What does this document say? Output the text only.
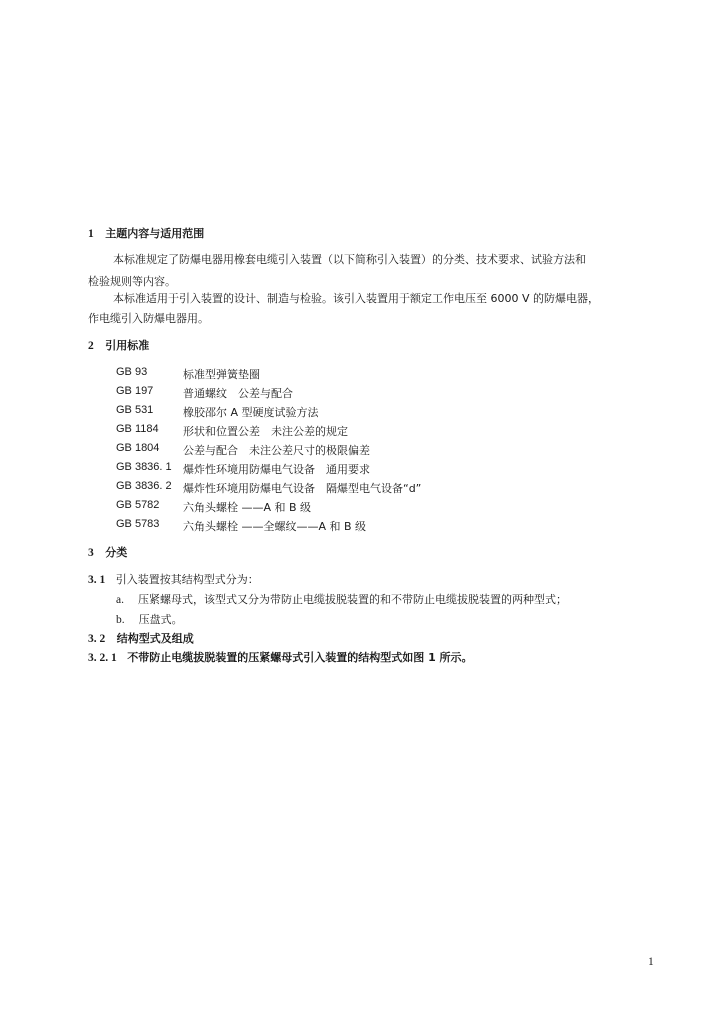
1 主题内容与适用范围
本标准规定了防爆电器用橡套电缆引入装置（以下简称引入装置）的分类、技术要求、试验方法和
检验规则等内容。
本标准适用于引入装置的设计、制造与检验。该引入装置用于额定工作电压至 6000 V 的防爆电器，
作电缆引入防爆电器用。
2 引用标准
GB 93	标准型弹簧垫圈
GB 197	普通螺纹　公差与配合
GB 531	橡胶邵尔 A 型硬度试验方法
GB 1184 形状和位置公差　未注公差的规定
GB 1804 公差与配合　未注公差尺寸的极限偏差
GB 3836. 1 爆炸性环境用防爆电气设备　通用要求
GB 3836. 2 爆炸性环境用防爆电气设备　隔爆型电气设备“d”
GB 5782 六角头螺栓 ——A 和 B 级
GB 5783 六角头螺栓 ——全螺纹——A 和 B 级
3 分类
3. 1 引入装置按其结构型式分为：
a. 压紧螺母式，该型式又分为带防止电缆拔脱装置的和不带防止电缆拔脱装置的两种型式；
b. 压盘式。
3. 2 结构型式及组成
3. 2. 1 不带防止电缆拔脱装置的压紧螺母式引入装置的结构型式如图 1 所示。
1
